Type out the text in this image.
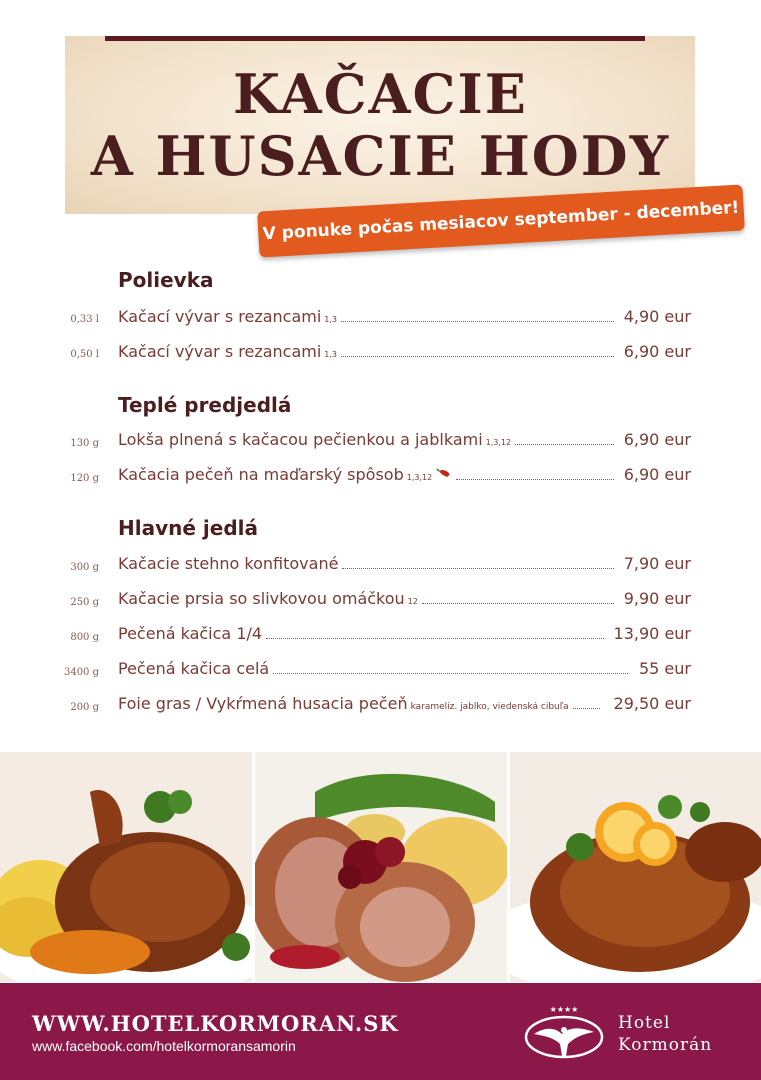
KAČACIE
A HUSACIE HODY
V ponuke počas mesiacov september - december!
Polievka
0,33 l Kačací vývar s rezancami 1,3	4,90 eur
0,50 l Kačací vývar s rezancami 1,3	6,90 eur
Teplé predjedlá
130 g Lokša plnená s kačacou pečienkou a jablkami 1,3,12	6,90 eur
120 g Kačacia pečeň na maďarský spôsob 1,3,12	6,90 eur
Hlavné jedlá
300 g Kačacie stehno konfitované	7,90 eur
250 g Kačacie prsia so slivkovou omáčkou 12	9,90 eur
800 g Pečená kačica 1/4	13,90 eur
3400 g Pečená kačica celá	55 eur
200 g Foie gras / Vykŕmená husacia pečeň karameliz. jablko, viedenská cibuľa	29,50 eur
WWW.HOTELKORMORAN.SK
www.facebook.com/hotelkormoransamorin
★★★★
Hotel
Kormorán
